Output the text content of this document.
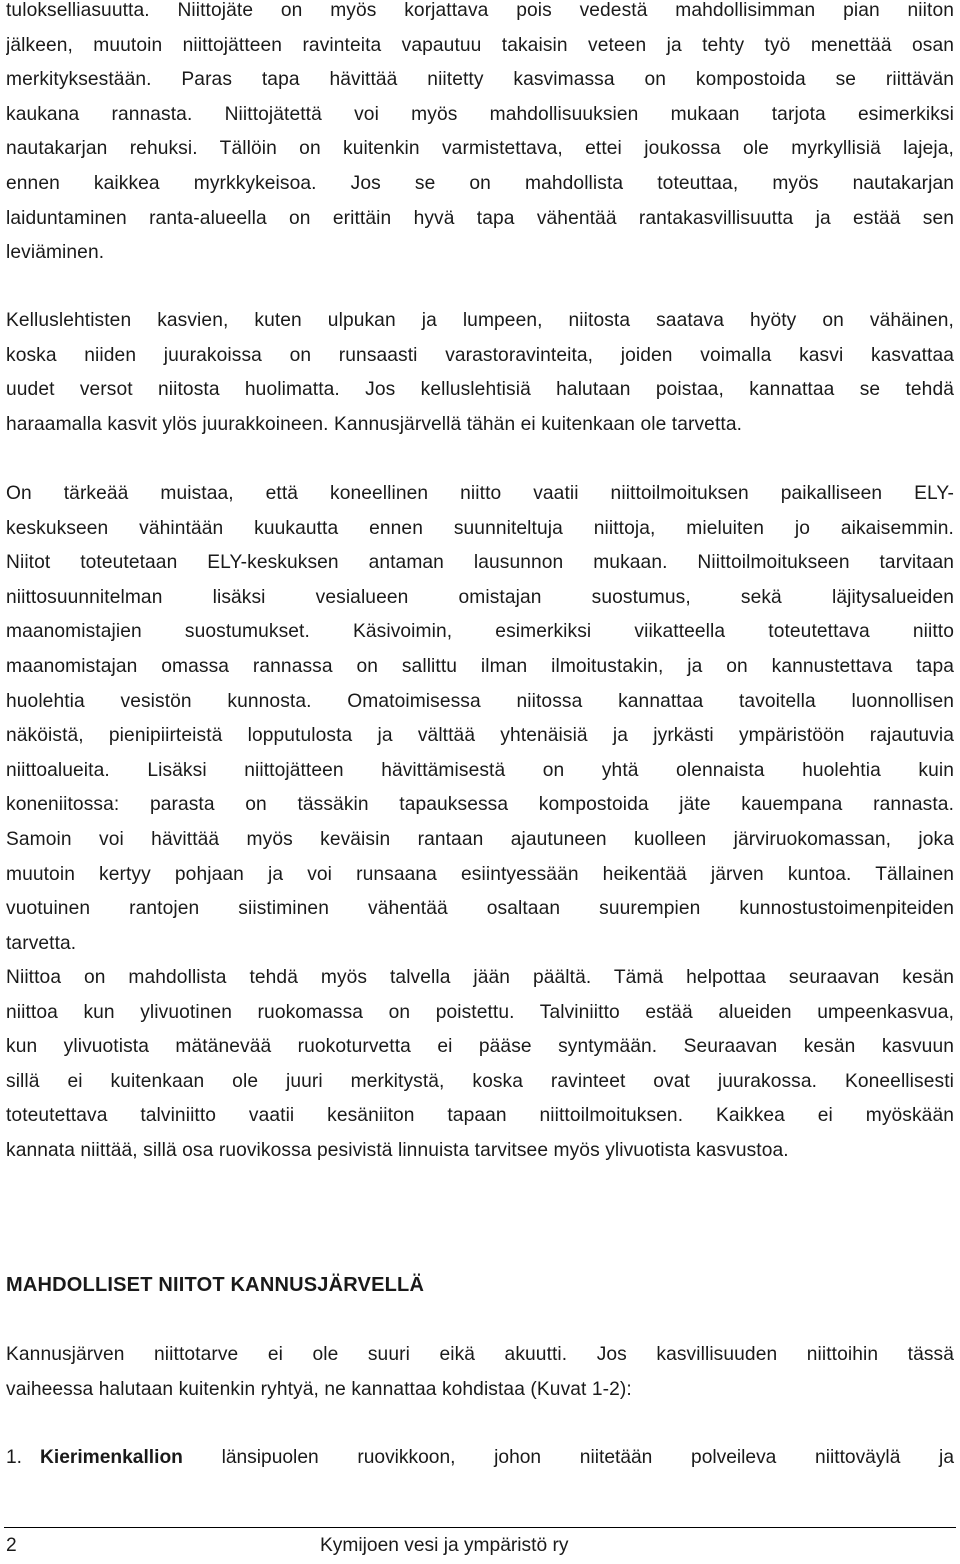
tulokselliasuutta. Niittojäte on myös korjattava pois vedestä mahdollisimman pian niiton
jälkeen, muutoin niittojätteen ravinteita vapautuu takaisin veteen ja tehty työ menettää osan
merkityksestään. Paras tapa hävittää niitetty kasvimassa on kompostoida se riittävän
kaukana rannasta. Niittojätettä voi myös mahdollisuuksien mukaan tarjota esimerkiksi
nautakarjan rehuksi. Tällöin on kuitenkin varmistettava, ettei joukossa ole myrkyllisiä lajeja,
ennen kaikkea myrkkykeisoa. Jos se on mahdollista toteuttaa, myös nautakarjan
laiduntaminen ranta-alueella on erittäin hyvä tapa vähentää rantakasvillisuutta ja estää sen
leviäminen.
Kelluslehtisten kasvien, kuten ulpukan ja lumpeen, niitosta saatava hyöty on vähäinen,
koska niiden juurakoissa on runsaasti varastoravinteita, joiden voimalla kasvi kasvattaa
uudet versot niitosta huolimatta. Jos kelluslehtisiä halutaan poistaa, kannattaa se tehdä
haraamalla kasvit ylös juurakkoineen. Kannusjärvellä tähän ei kuitenkaan ole tarvetta.
On tärkeää muistaa, että koneellinen niitto vaatii niittoilmoituksen paikalliseen ELY-
keskukseen vähintään kuukautta ennen suunniteltuja niittoja, mieluiten jo aikaisemmin.
Niitot toteutetaan ELY-keskuksen antaman lausunnon mukaan. Niittoilmoitukseen tarvitaan
niittosuunnitelman lisäksi vesialueen omistajan suostumus, sekä läjitysalueiden
maanomistajien suostumukset. Käsivoimin, esimerkiksi viikatteella toteutettava niitto
maanomistajan omassa rannassa on sallittu ilman ilmoitustakin, ja on kannustettava tapa
huolehtia vesistön kunnosta. Omatoimisessa niitossa kannattaa tavoitella luonnollisen
näköistä, pienipiirteistä lopputulosta ja välttää yhtenäisiä ja jyrkästi ympäristöön rajautuvia
niittoalueita. Lisäksi niittojätteen hävittämisestä on yhtä olennaista huolehtia kuin
koneniitossa: parasta on tässäkin tapauksessa kompostoida jäte kauempana rannasta.
Samoin voi hävittää myös keväisin rantaan ajautuneen kuolleen järviruokomassan, joka
muutoin kertyy pohjaan ja voi runsaana esiintyessään heikentää järven kuntoa. Tällainen
vuotuinen rantojen siistiminen vähentää osaltaan suurempien kunnostustoimenpiteiden
tarvetta.
Niittoa on mahdollista tehdä myös talvella jään päältä. Tämä helpottaa seuraavan kesän
niittoa kun ylivuotinen ruokomassa on poistettu. Talviniitto estää alueiden umpeenkasvua,
kun ylivuotista mätänevää ruokoturvetta ei pääse syntymään. Seuraavan kesän kasvuun
sillä ei kuitenkaan ole juuri merkitystä, koska ravinteet ovat juurakossa. Koneellisesti
toteutettava talviniitto vaatii kesäniiton tapaan niittoilmoituksen. Kaikkea ei myöskään
kannata niittää, sillä osa ruovikossa pesivistä linnuista tarvitsee myös ylivuotista kasvustoa.
MAHDOLLISET NIITOT KANNUSJÄRVELLÄ
Kannusjärven niittotarve ei ole suuri eikä akuutti. Jos kasvillisuuden niittoihin tässä
vaiheessa halutaan kuitenkin ryhtyä, ne kannattaa kohdistaa (Kuvat 1-2):
1. Kierimenkallion länsipuolen ruovikkoon, johon niitetään polveileva niittoväylä ja
2	Kymijoen vesi ja ympäristö ry
